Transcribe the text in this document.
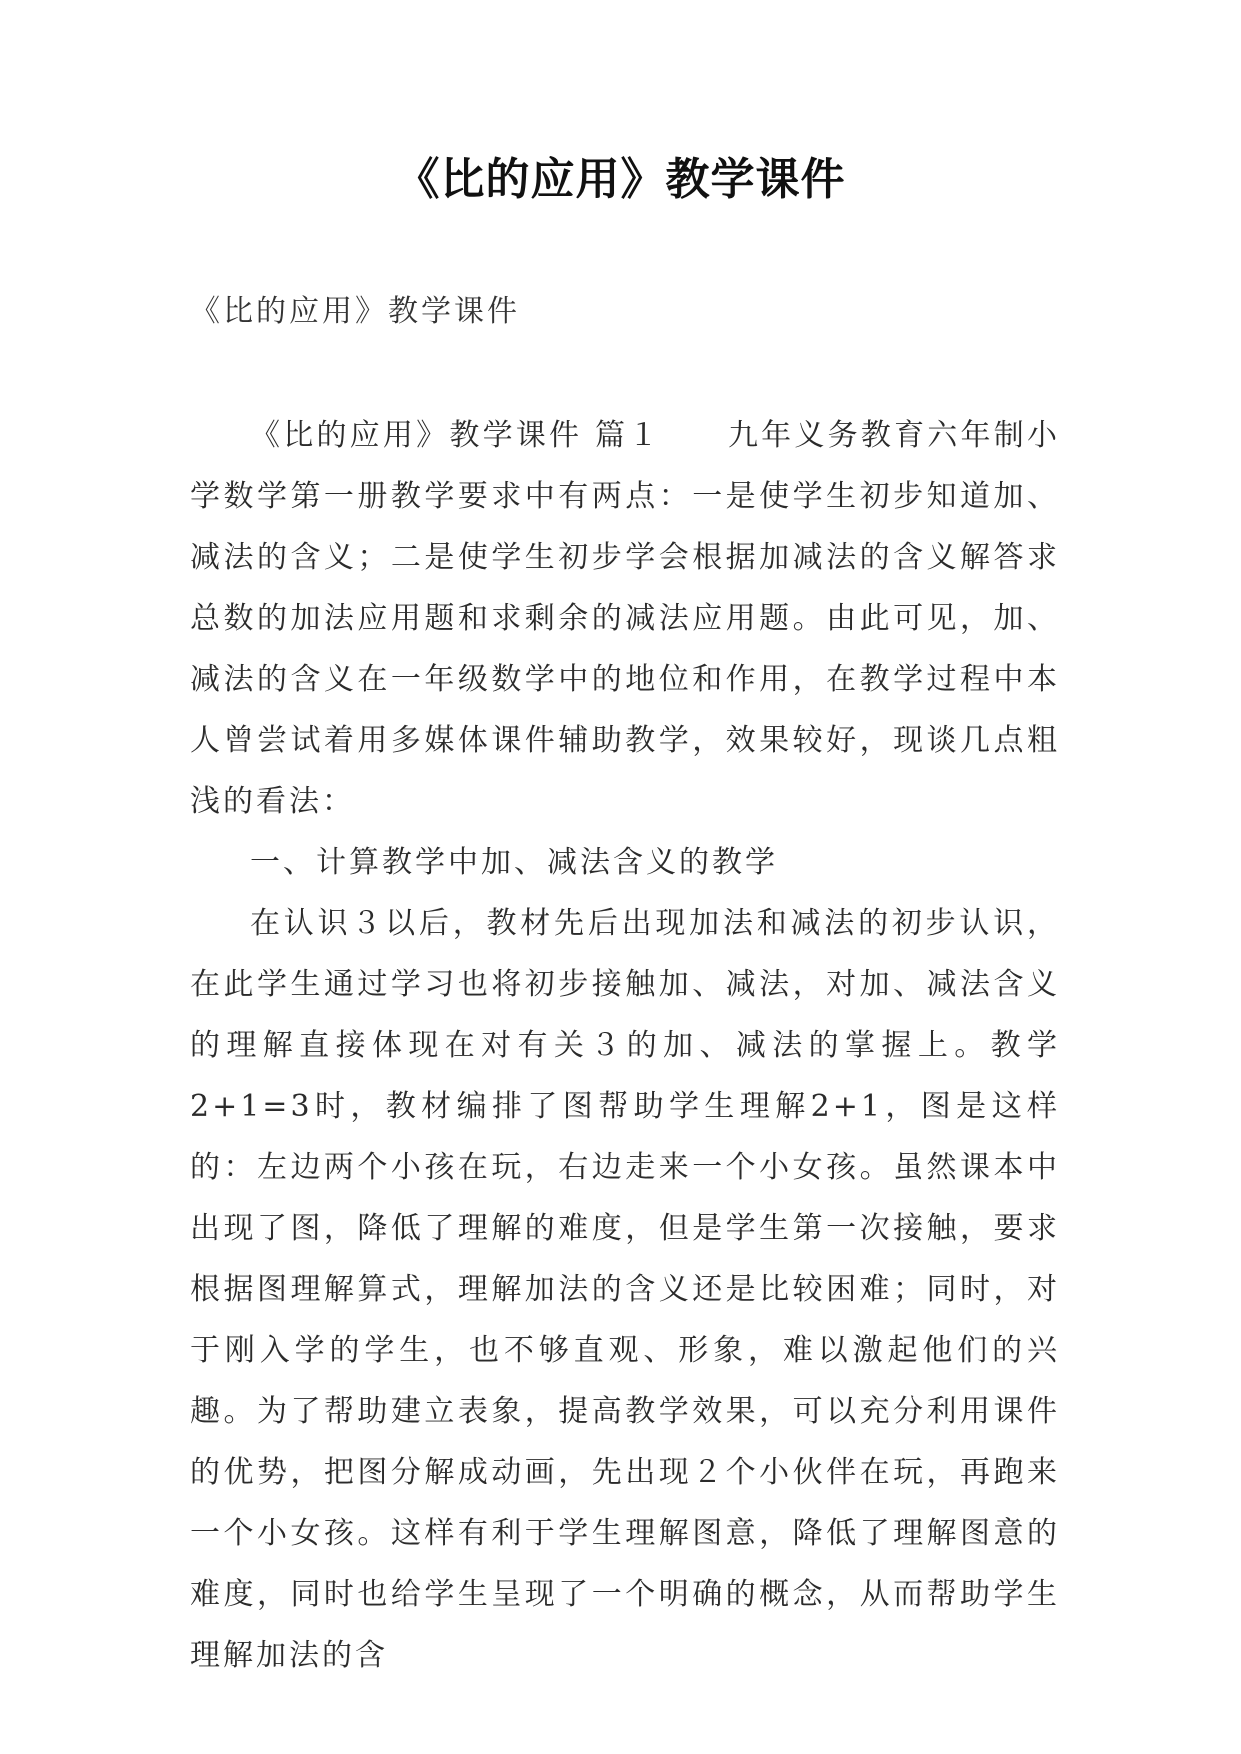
《比的应用》教学课件
《比的应用》教学课件

《比的应用》教学课件 篇１　　九年义务教育六年制小学数学第一册教学要求中有两点：一是使学生初步知道加、减法的含义；二是使学生初步学会根据加减法的含义解答求总数的加法应用题和求剩余的减法应用题。由此可见，加、减法的含义在一年级数学中的地位和作用，在教学过程中本人曾尝试着用多媒体课件辅助教学，效果较好，现谈几点粗浅的看法：

一、计算教学中加、减法含义的教学

在认识３以后，教材先后出现加法和减法的初步认识，在此学生通过学习也将初步接触加、减法，对加、减法含义的理解直接体现在对有关３的加、减法的掌握上。教学2+1=3时，教材编排了图帮助学生理解2+1，图是这样的：左边两个小孩在玩，右边走来一个小女孩。虽然课本中出现了图，降低了理解的难度，但是学生第一次接触，要求根据图理解算式，理解加法的含义还是比较困难；同时，对于刚入学的学生，也不够直观、形象，难以激起他们的兴趣。为了帮助建立表象，提高教学效果，可以充分利用课件的优势，把图分解成动画，先出现２个小伙伴在玩，再跑来一个小女孩。这样有利于学生理解图意，降低了理解图意的难度，同时也给学生呈现了一个明确的概念，从而帮助学生理解加法的含
